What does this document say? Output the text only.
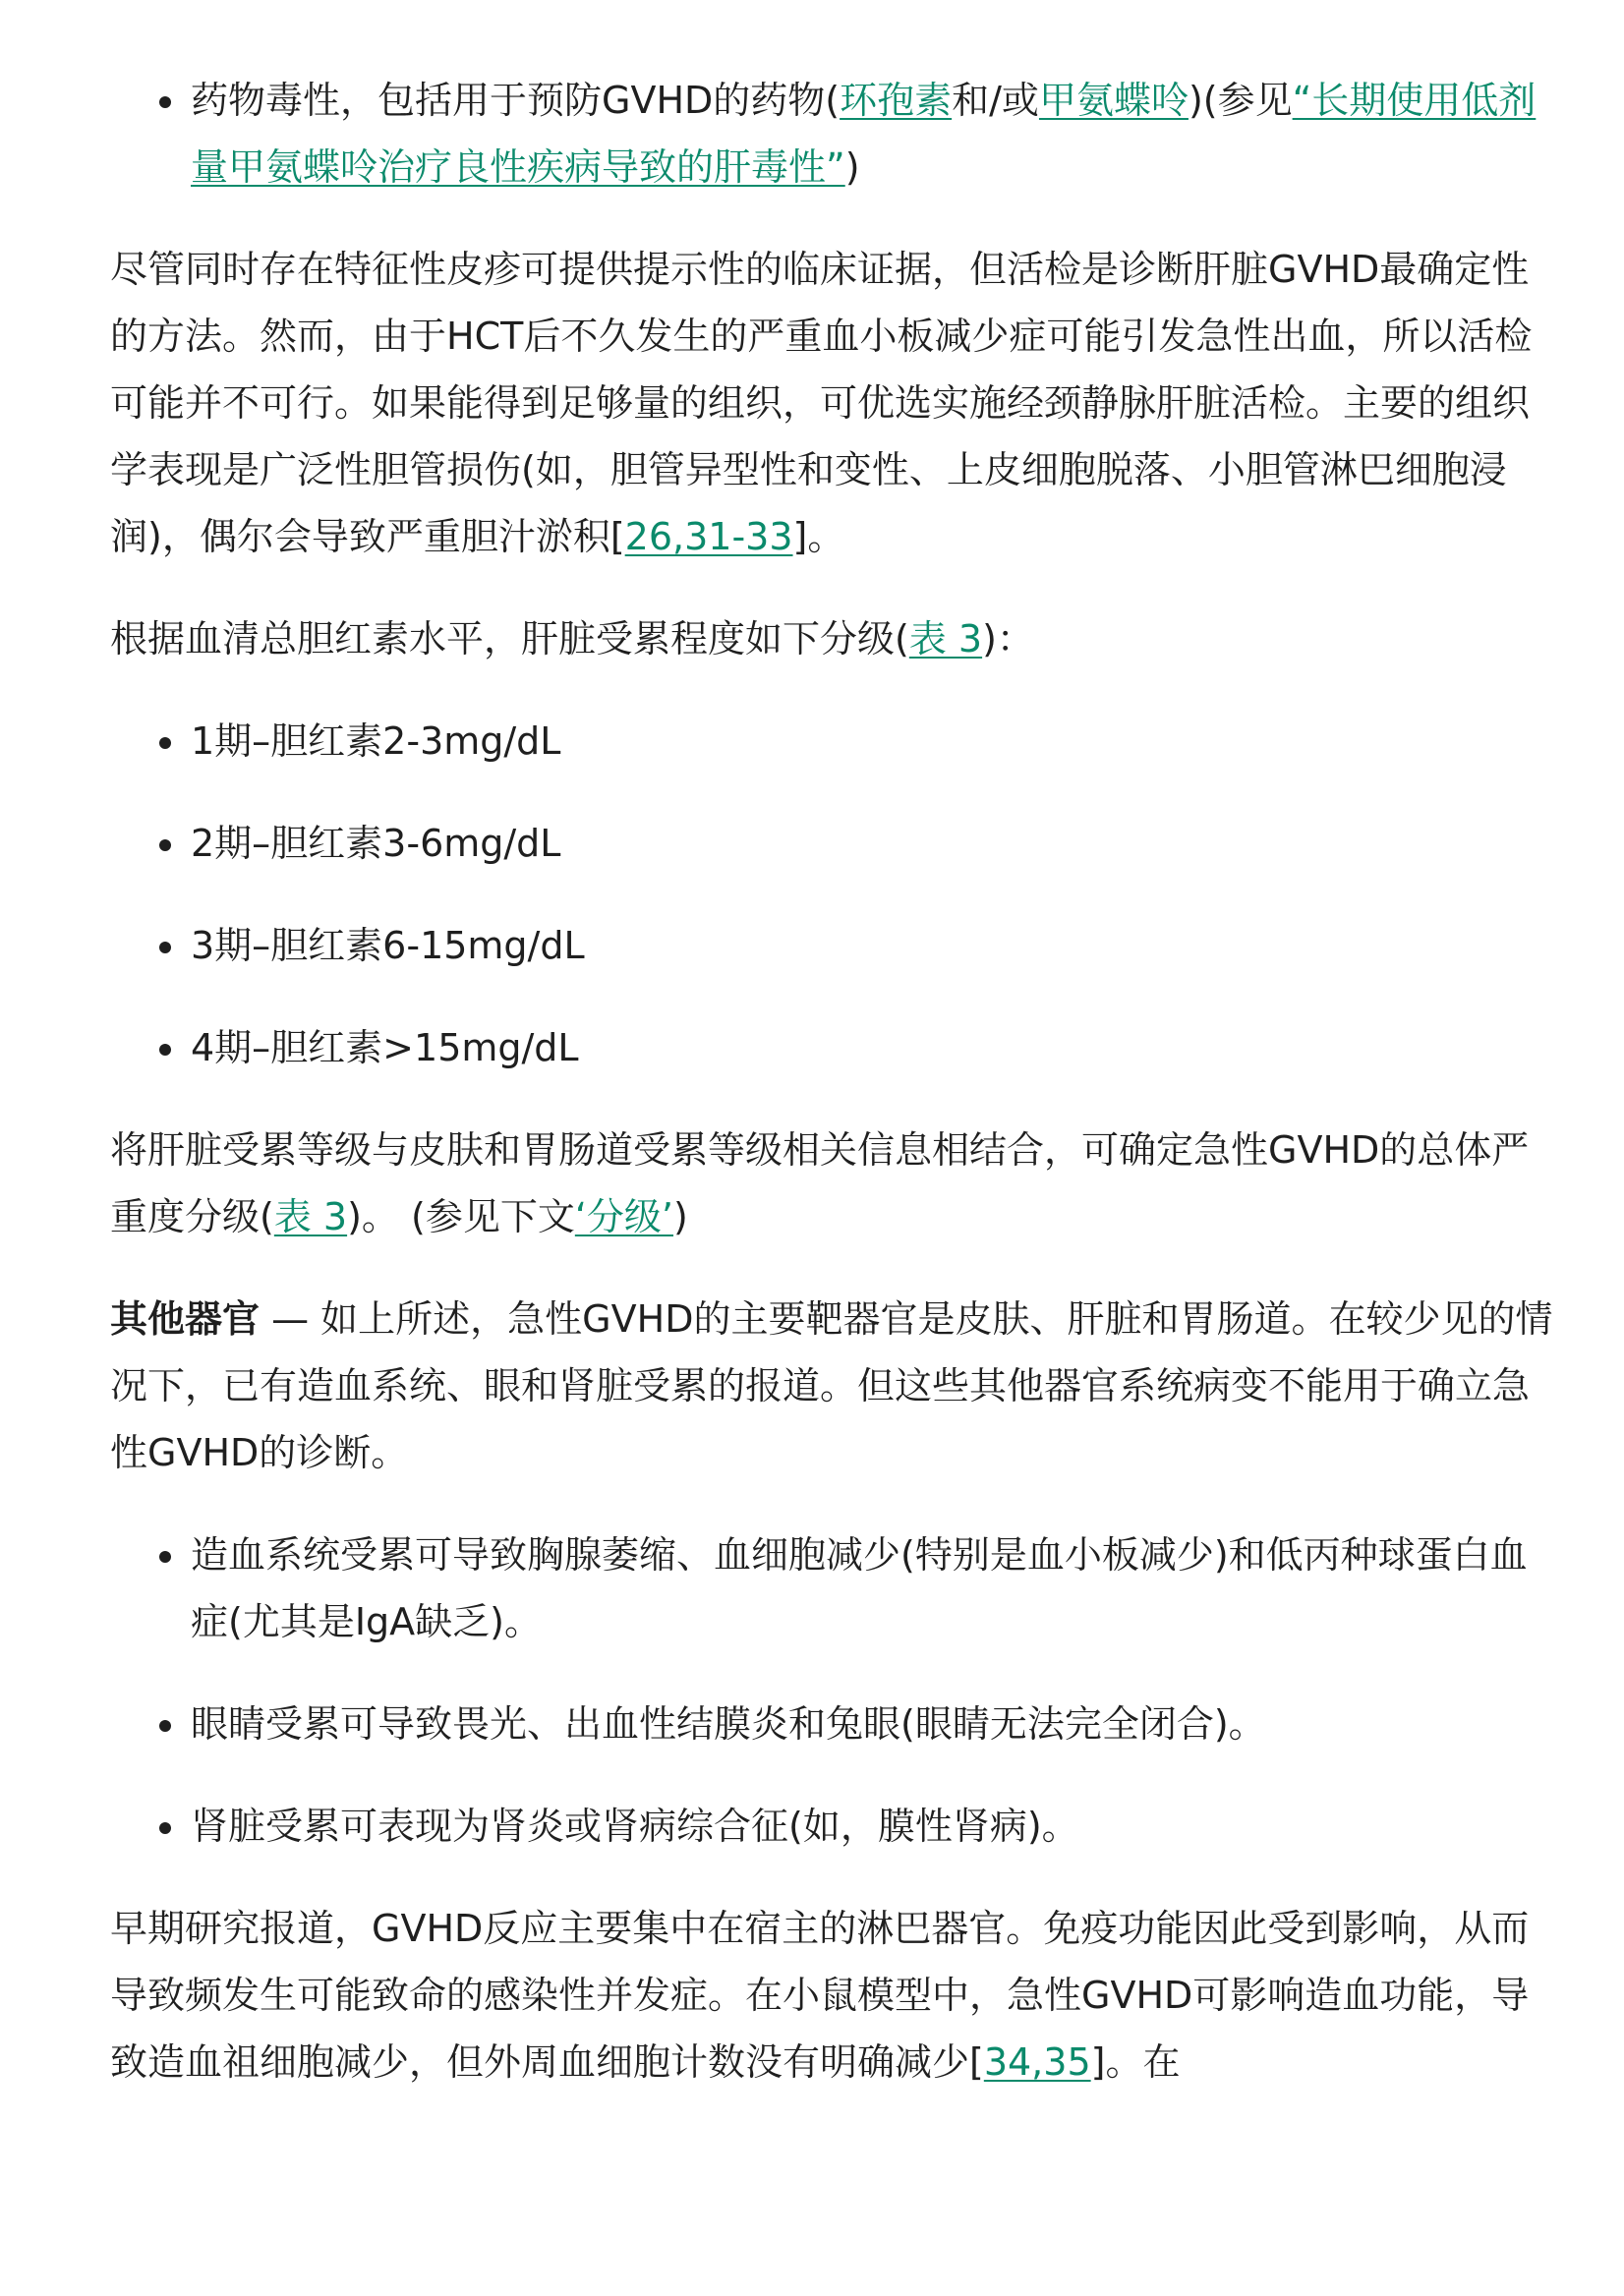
药物毒性，包括用于预防GVHD的药物(环孢素和/或甲氨蝶呤)(参见“长期使用低剂量甲氨蝶呤治疗良性疾病导致的肝毒性”)

尽管同时存在特征性皮疹可提供提示性的临床证据，但活检是诊断肝脏GVHD最确定性的方法。然而，由于HCT后不久发生的严重血小板减少症可能引发急性出血，所以活检可能并不可行。如果能得到足够量的组织，可优选实施经颈静脉肝脏活检。主要的组织学表现是广泛性胆管损伤(如，胆管异型性和变性、上皮细胞脱落、小胆管淋巴细胞浸润)，偶尔会导致严重胆汁淤积[26,31-33]。

根据血清总胆红素水平，肝脏受累程度如下分级(表 3)：

1期–胆红素2-3mg/dL
2期–胆红素3-6mg/dL
3期–胆红素6-15mg/dL
4期–胆红素>15mg/dL

将肝脏受累等级与皮肤和胃肠道受累等级相关信息相结合，可确定急性GVHD的总体严重度分级(表 3)。 (参见下文‘分级’)

其他器官 — 如上所述，急性GVHD的主要靶器官是皮肤、肝脏和胃肠道。在较少见的情况下，已有造血系统、眼和肾脏受累的报道。但这些其他器官系统病变不能用于确立急性GVHD的诊断。

造血系统受累可导致胸腺萎缩、血细胞减少(特别是血小板减少)和低丙种球蛋白血症(尤其是IgA缺乏)。
眼睛受累可导致畏光、出血性结膜炎和兔眼(眼睛无法完全闭合)。
肾脏受累可表现为肾炎或肾病综合征(如，膜性肾病)。

早期研究报道，GVHD反应主要集中在宿主的淋巴器官。免疫功能因此受到影响，从而导致频发生可能致命的感染性并发症。在小鼠模型中，急性GVHD可影响造血功能，导致造血祖细胞减少，但外周血细胞计数没有明确减少[34,35]。在
